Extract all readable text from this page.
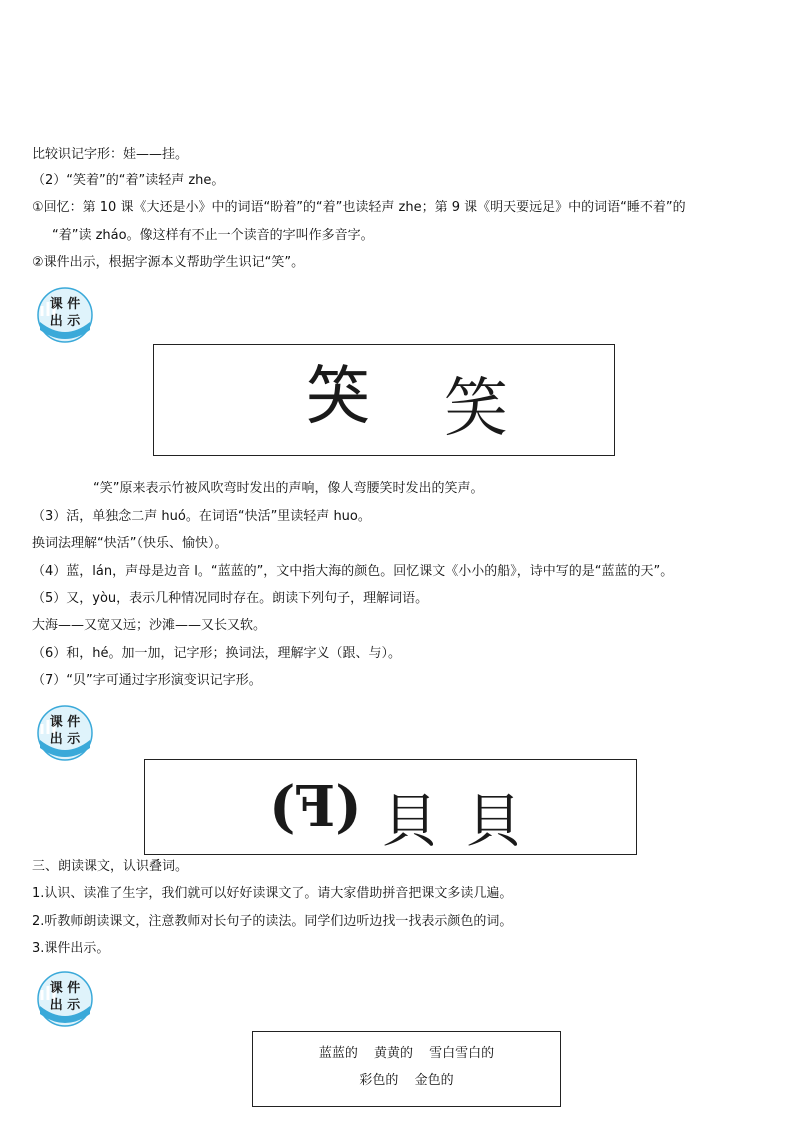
比较识记字形：娃——挂。
（2）“笑着”的“着”读轻声 zhe。
①回忆：第 10 课《大还是小》中的词语“盼着”的“着”也读轻声 zhe；第 9 课《明天要远足》中的词语“睡不着”的
“着”读 zháo。像这样有不止一个读音的字叫作多音字。
②课件出示，根据字源本义帮助学生识记“笑”。
课 件
出 示
𥬇 笑
“笑”原来表示竹被风吹弯时发出的声响，像人弯腰笑时发出的笑声。
（3）活，单独念二声 huó。在词语“快活”里读轻声 huo。
换词法理解“快活”（快乐、愉快）。
（4）蓝，lán，声母是边音 l。“蓝蓝的”，文中指大海的颜色。回忆课文《小小的船》，诗中写的是“蓝蓝的天”。
（5）又，yòu，表示几种情况同时存在。朗读下列句子，理解词语。
大海——又宽又远；沙滩——又长又软。
（6）和，hé。加一加，记字形；换词法，理解字义（跟、与）。
（7）“贝”字可通过字形演变识记字形。
课 件
出 示
(ꟻ) 貝 貝
三、朗读课文，认识叠词。
1.认识、读准了生字，我们就可以好好读课文了。请大家借助拼音把课文多读几遍。
2.听教师朗读课文，注意教师对长句子的读法。同学们边听边找一找表示颜色的词。
3.课件出示。
课 件
出 示
蓝蓝的 黄黄的 雪白雪白的
彩色的 金色的
